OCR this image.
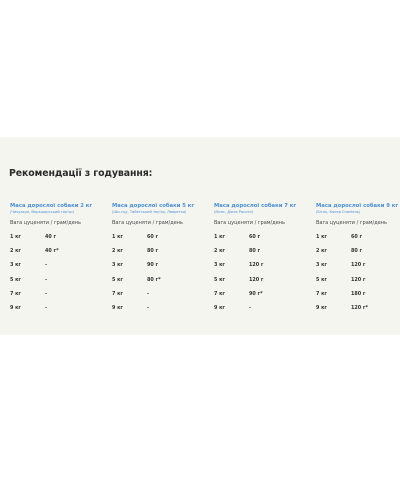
Рекомендації з годування:
Маса дорослої собаки 2 кг
(Чихуахуа, Йоркширський тер'єр)
Вага цуценяти / грам/день
1 кг	40 г
2 кг	40 г*
3 кг	-
5 кг	-
7 кг	-
9 кг	-
Маса дорослої собаки 5 кг
(Ши-тцу, Тибетський тер'єр, Левретка)
Вага цуценяти / грам/день
1 кг	60 г
2 кг	80 г
3 кг	90 г
5 кг	80 г*
7 кг	-
9 кг	-
Маса дорослої собаки 7 кг
(Мопс, Джек Рассел)
Вага цуценяти / грам/день
1 кг	60 г
2 кг	80 г
3 кг	120 г
5 кг	120 г
7 кг	90 г*
9 кг	-
Маса дорослої собаки 9 кг
(Бігль, Кокер Спаніель)
Вага цуценяти / грам/день
1 кг	60 г
2 кг	80 г
3 кг	120 г
5 кг	120 г
7 кг	180 г
9 кг	120 г*
